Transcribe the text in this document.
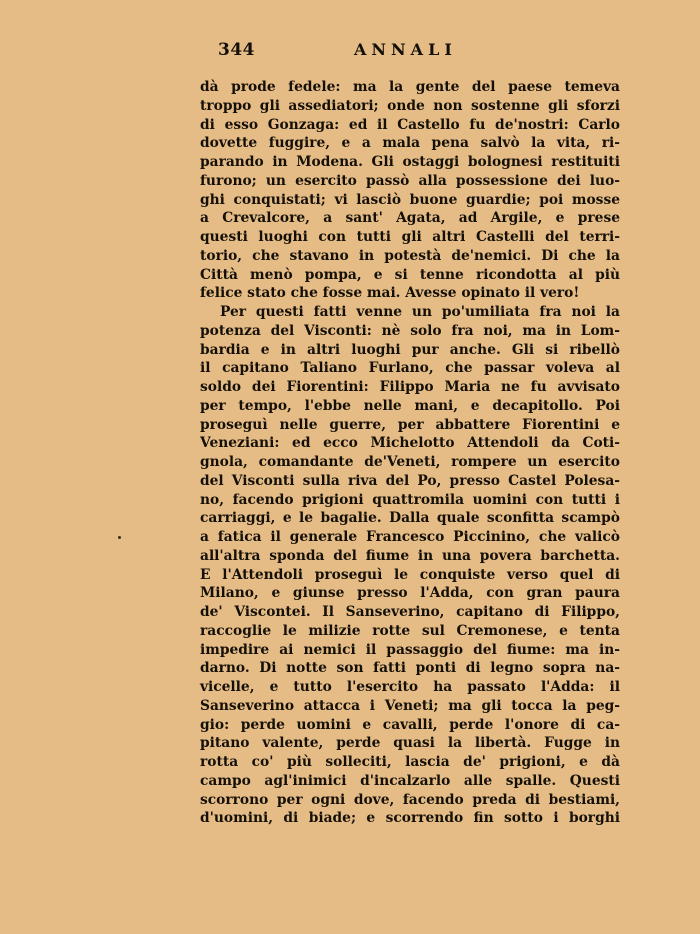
344	ANNALI
dà prode fedele: ma la gente del paese temeva
troppo gli assediatori; onde non sostenne gli sforzi
di esso Gonzaga: ed il Castello fu de'nostri: Carlo
dovette fuggire, e a mala pena salvò la vita, ri-
parando in Modena. Gli ostaggi bolognesi restituiti
furono; un esercito passò alla possessione dei luo-
ghi conquistati; vi lasciò buone guardie; poi mosse
a Crevalcore, a sant' Agata, ad Argile, e prese
questi luoghi con tutti gli altri Castelli del terri-
torio, che stavano in potestà de'nemici. Di che la
Città menò pompa, e si tenne ricondotta al più
felice stato che fosse mai. Avesse opinato il vero!
Per questi fatti venne un po'umiliata fra noi la
potenza del Visconti: nè solo fra noi, ma in Lom-
bardia e in altri luoghi pur anche. Gli si ribellò
il capitano Taliano Furlano, che passar voleva al
soldo dei Fiorentini: Filippo Maria ne fu avvisato
per tempo, l'ebbe nelle mani, e decapitollo. Poi
proseguì nelle guerre, per abbattere Fiorentini e
Veneziani: ed ecco Michelotto Attendoli da Coti-
gnola, comandante de'Veneti, rompere un esercito
del Visconti sulla riva del Po, presso Castel Polesa-
no, facendo prigioni quattromila uomini con tutti i
carriaggi, e le bagalie. Dalla quale sconfitta scampò
a fatica il generale Francesco Piccinino, che valicò
all'altra sponda del fiume in una povera barchetta.
E l'Attendoli proseguì le conquiste verso quel di
Milano, e giunse presso l'Adda, con gran paura
de' Viscontei. Il Sanseverino, capitano di Filippo,
raccoglie le milizie rotte sul Cremonese, e tenta
impedire ai nemici il passaggio del fiume: ma in-
darno. Di notte son fatti ponti di legno sopra na-
vicelle, e tutto l'esercito ha passato l'Adda: il
Sanseverino attacca i Veneti; ma gli tocca la peg-
gio: perde uomini e cavalli, perde l'onore di ca-
pitano valente, perde quasi la libertà. Fugge in
rotta co' più solleciti, lascia de' prigioni, e dà
campo agl'inimici d'incalzarlo alle spalle. Questi
scorrono per ogni dove, facendo preda di bestiami,
d'uomini, di biade; e scorrendo fin sotto i borghi
